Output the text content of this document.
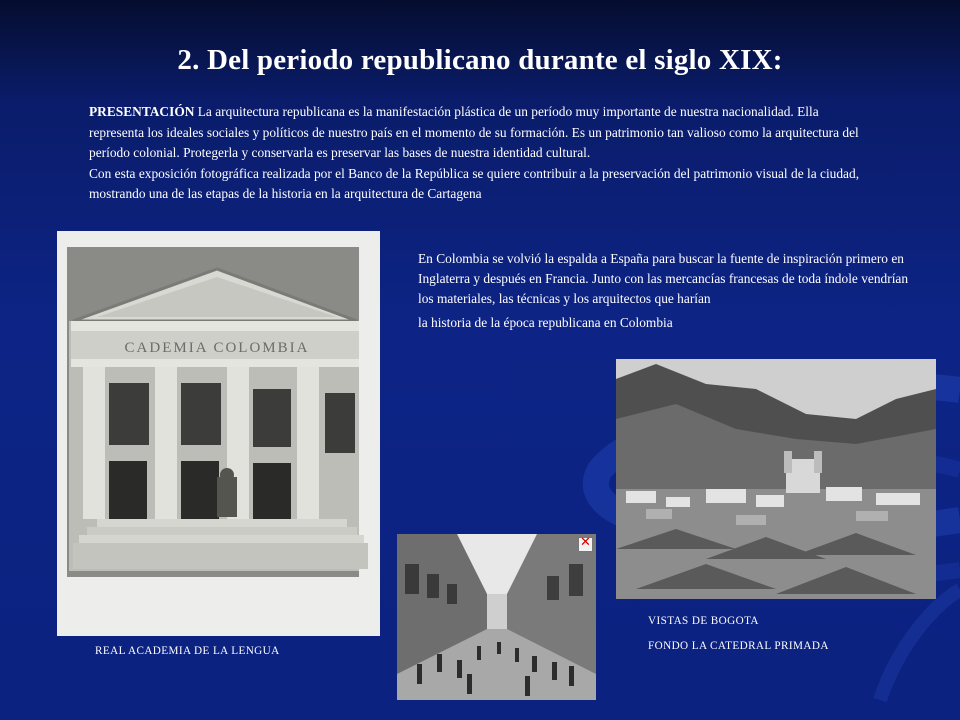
2. Del periodo republicano durante el siglo XIX:
PRESENTACIÓN La arquitectura republicana es la manifestación plástica de un período muy importante de nuestra nacionalidad. Ella representa los ideales sociales y políticos de nuestro país en el momento de su formación. Es un patrimonio tan valioso como la arquitectura del período colonial. Protegerla y conservarla es preservar las bases de nuestra identidad cultural.
Con esta exposición fotográfica realizada por el Banco de la República se quiere contribuir a la preservación del patrimonio visual de la ciudad, mostrando una de las etapas de la historia en la arquitectura de Cartagena
En Colombia se volvió la espalda a España para buscar la fuente de inspiración primero en Inglaterra y después en Francia. Junto con las mercancías francesas de toda índole vendrían los materiales, las técnicas y los arquitectos que harían
la historia de la época republicana en Colombia
CADEMIA COLOMBIA
REAL ACADEMIA DE LA LENGUA
✕
VISTAS DE BOGOTA
FONDO LA CATEDRAL PRIMADA
